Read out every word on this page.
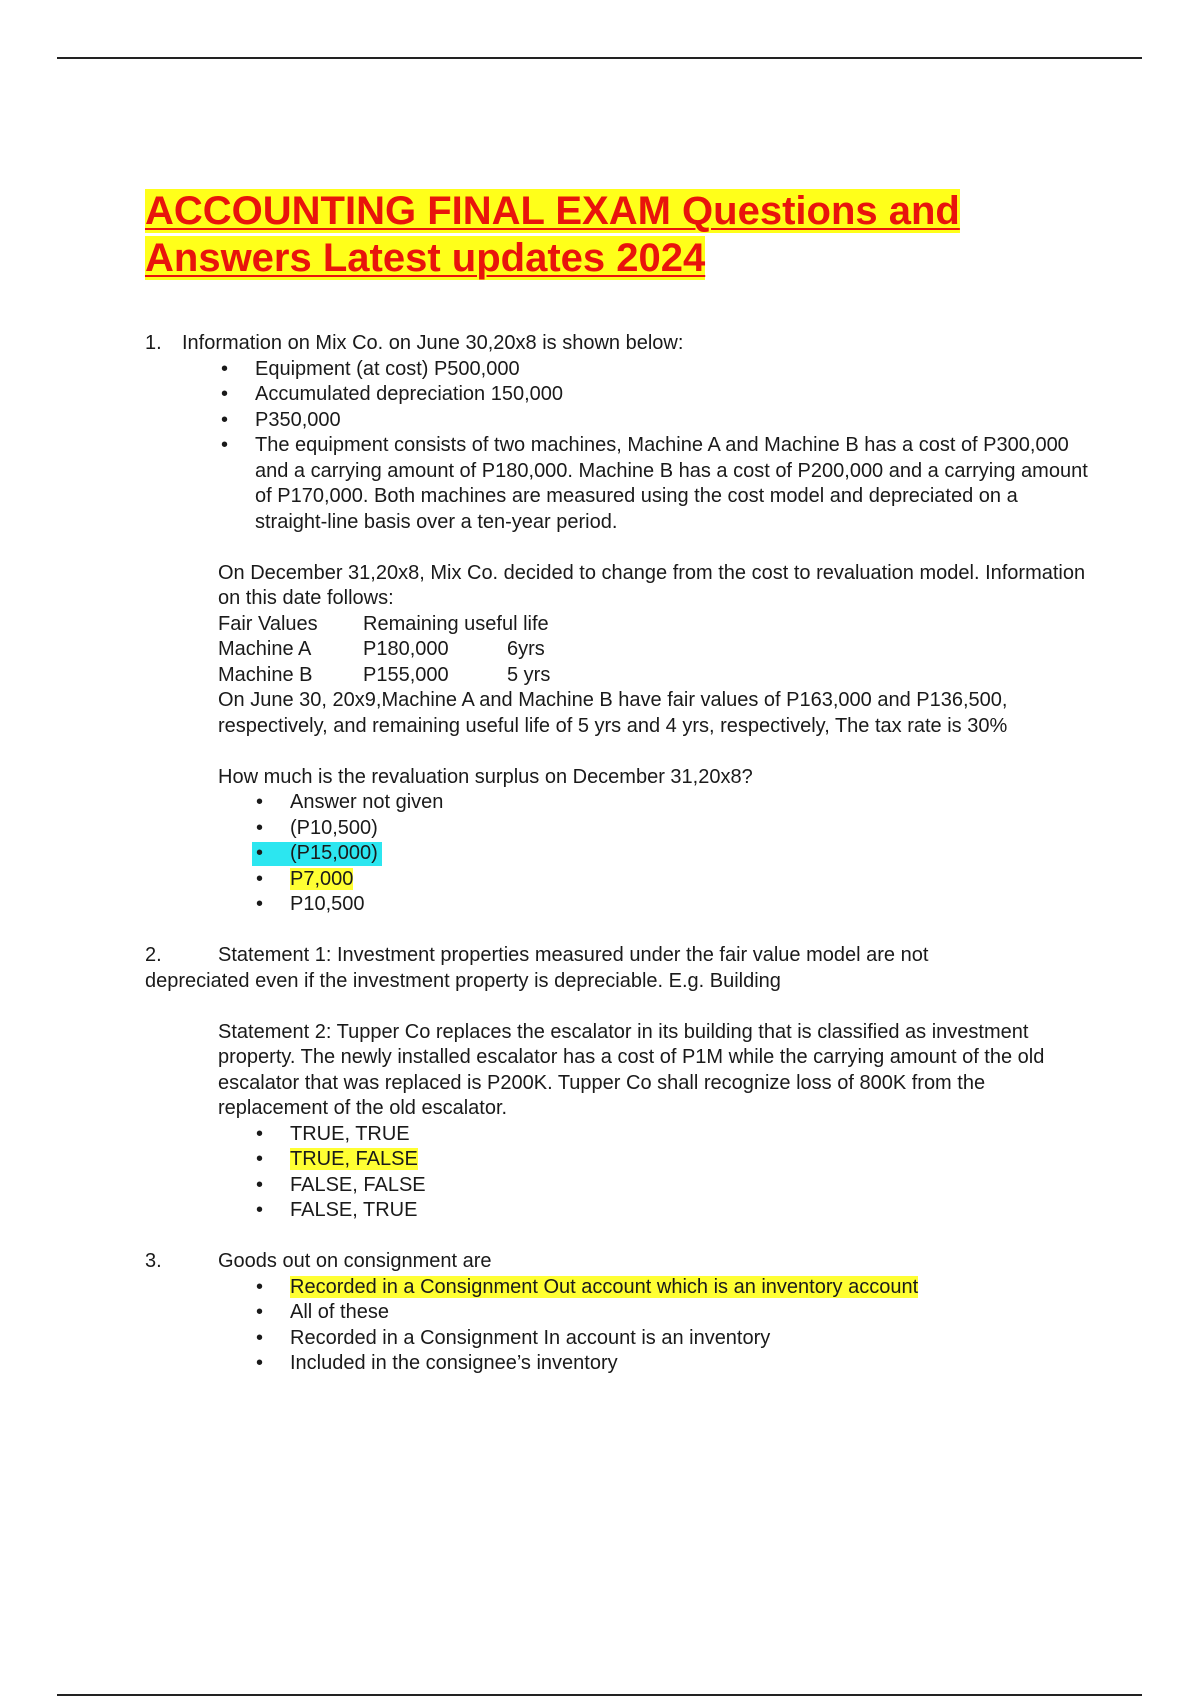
ACCOUNTING FINAL EXAM Questions and
Answers Latest updates 2024
1. Information on Mix Co. on June 30,20x8 is shown below:
• Equipment (at cost) P500,000
• Accumulated depreciation 150,000
• P350,000
• The equipment consists of two machines, Machine A and Machine B has a cost of P300,000 and a carrying amount of P180,000. Machine B has a cost of P200,000 and a carrying amount of P170,000. Both machines are measured using the cost model and depreciated on a straight-line basis over a ten-year period.
On December 31,20x8, Mix Co. decided to change from the cost to revaluation model. Information on this date follows:
Fair Values	Remaining useful life
Machine A	P180,000	6yrs
Machine B	P155,000	5 yrs
On June 30, 20x9,Machine A and Machine B have fair values of P163,000 and P136,500, respectively, and remaining useful life of 5 yrs and 4 yrs, respectively, The tax rate is 30%
How much is the revaluation surplus on December 31,20x8?
• Answer not given
• (P10,500)
• (P15,000)
• P7,000
• P10,500
2.	Statement 1: Investment properties measured under the fair value model are not
depreciated even if the investment property is depreciable. E.g. Building
Statement 2: Tupper Co replaces the escalator in its building that is classified as investment property. The newly installed escalator has a cost of P1M while the carrying amount of the old escalator that was replaced is P200K. Tupper Co shall recognize loss of 800K from the replacement of the old escalator.
• TRUE, TRUE
• TRUE, FALSE
• FALSE, FALSE
• FALSE, TRUE
3.	Goods out on consignment are
• Recorded in a Consignment Out account which is an inventory account
• All of these
• Recorded in a Consignment In account is an inventory
• Included in the consignee’s inventory
